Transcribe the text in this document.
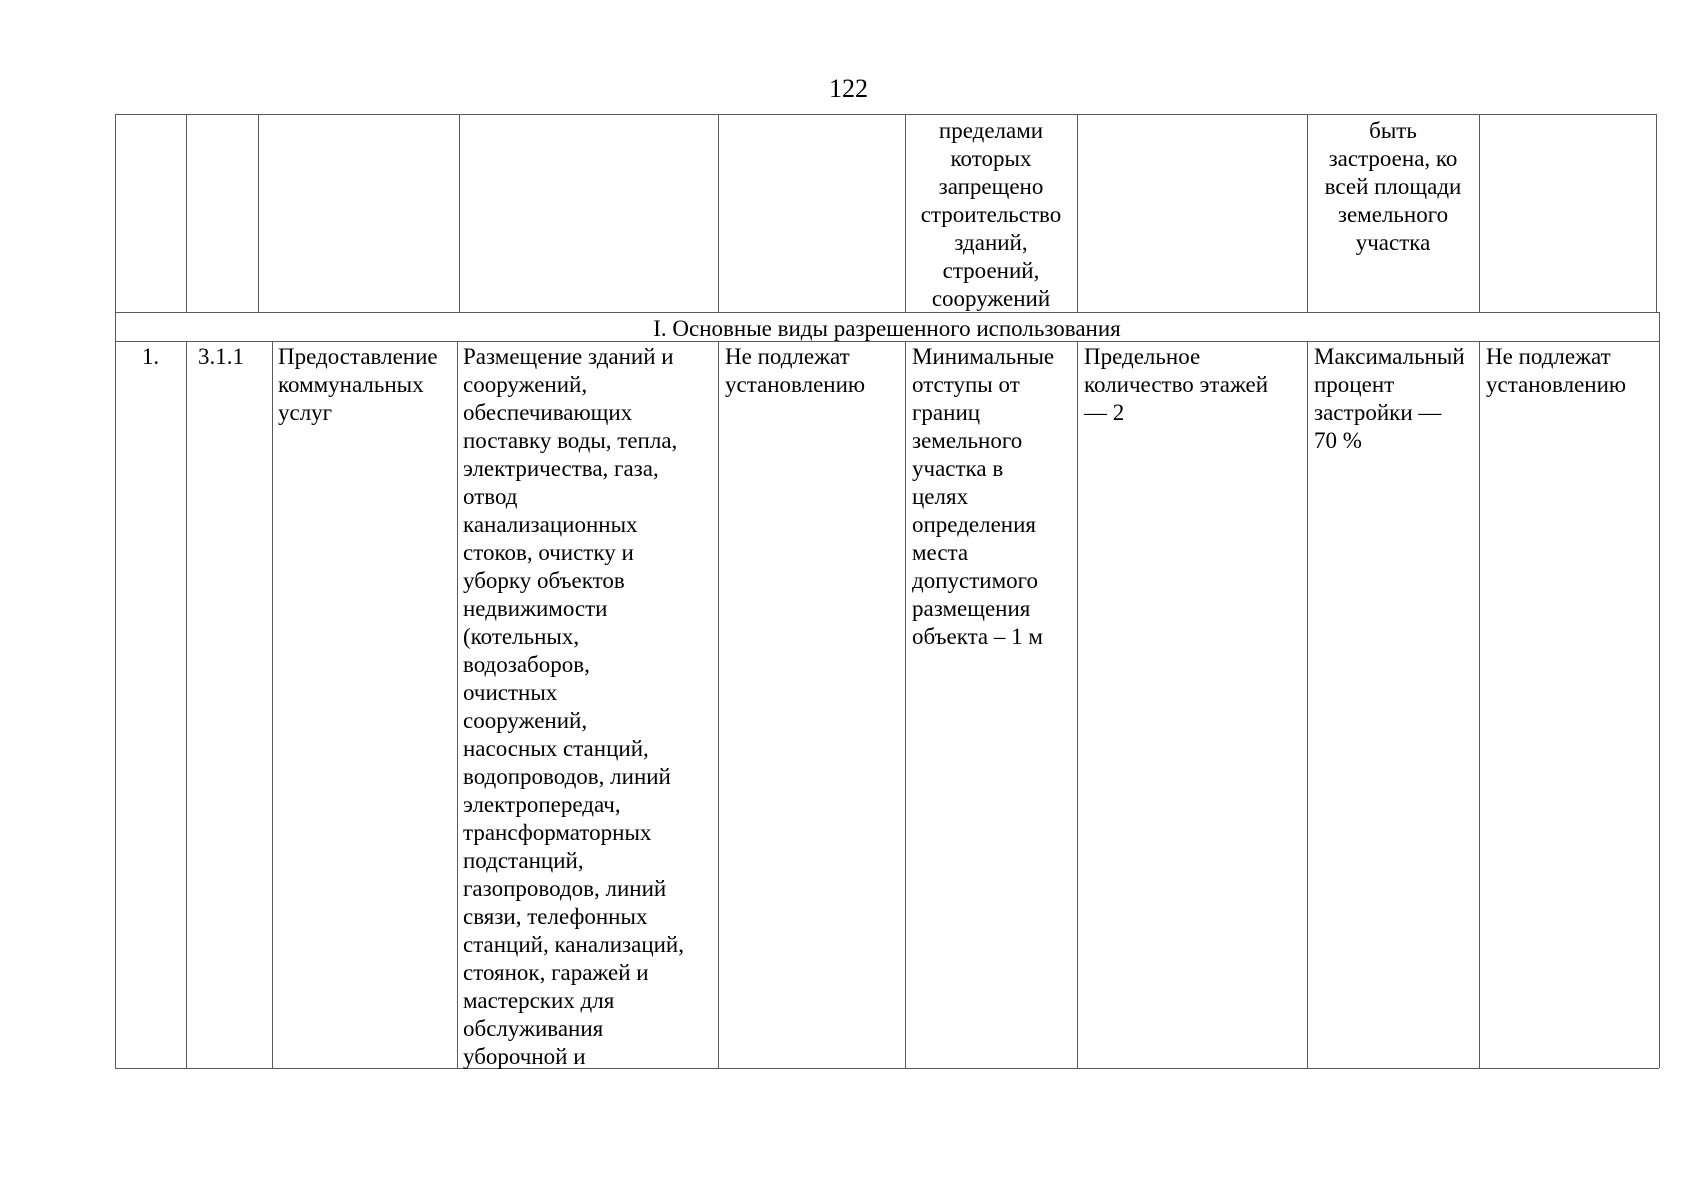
122
пределами
которых
запрещено
строительство
зданий,
строений,
сооружений
быть
застроена, ко
всей площади
земельного
участка
I. Основные виды разрешенного использования
1.	3.1.1	Предоставление
коммунальных
услуг
Размещение зданий и
сооружений,
обеспечивающих
поставку воды, тепла,
электричества, газа,
отвод
канализационных
стоков, очистку и
уборку объектов
недвижимости
(котельных,
водозаборов,
очистных
сооружений,
насосных станций,
водопроводов, линий
электропередач,
трансформаторных
подстанций,
газопроводов, линий
связи, телефонных
станций, канализаций,
стоянок, гаражей и
мастерских для
обслуживания
уборочной и
Не подлежат
установлению
Минимальные
отступы от
границ
земельного
участка в
целях
определения
места
допустимого
размещения
объекта – 1 м
Предельное
количество этажей
— 2
Максимальный
процент
застройки —
70 %
Не подлежат
установлению
